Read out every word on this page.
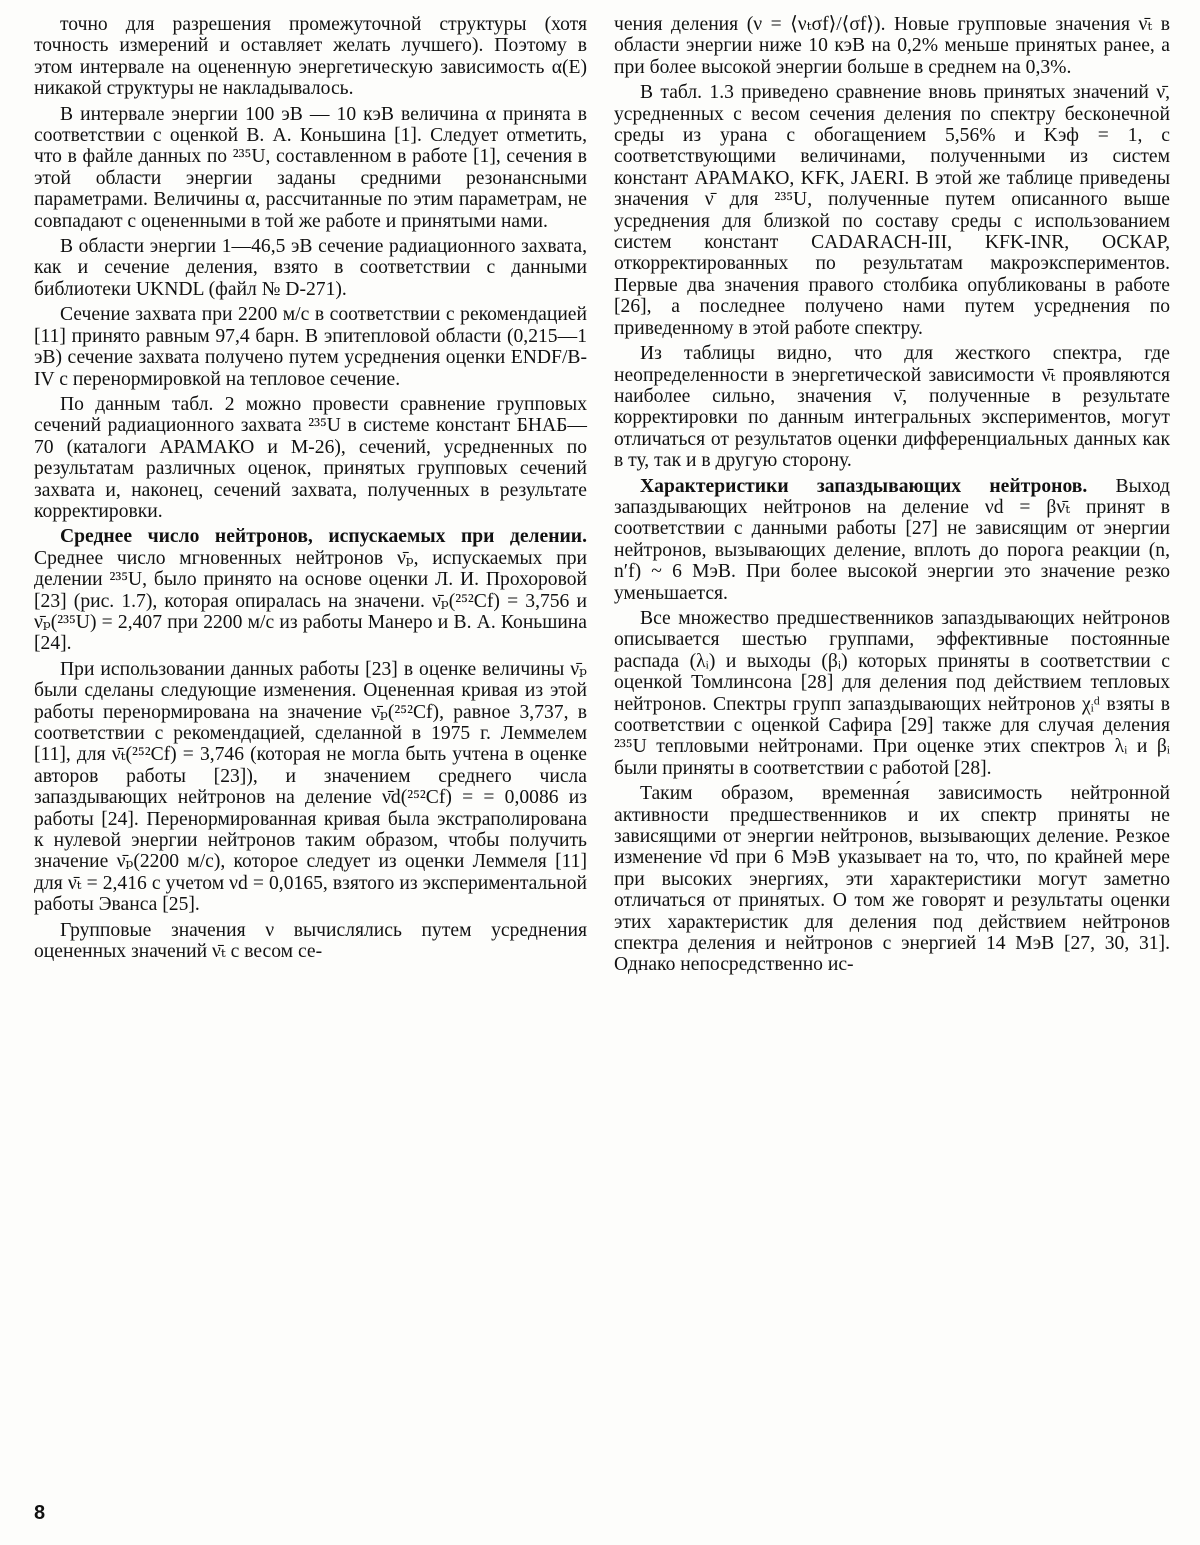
точно для разрешения промежуточной структуры (хотя точность измерений и оставляет желать лучшего). Поэтому в этом интервале на оцененную энергетическую зависимость α(E) никакой структуры не накладывалось.

В интервале энергии 100 эВ — 10 кэВ величина α принята в соответствии с оценкой В. А. Коньшина [1]. Следует отметить, что в файле данных по ²³⁵U, составленном в работе [1], сечения в этой области энергии заданы средними резонансными параметрами. Величины α, рассчитанные по этим параметрам, не совпадают с оцененными в той же работе и принятыми нами.

В области энергии 1—46,5 эВ сечение радиационного захвата, как и сечение деления, взято в соответствии с данными библиотеки UKNDL (файл № D-271).

Сечение захвата при 2200 м/с в соответствии с рекомендацией [11] принято равным 97,4 барн. В эпитепловой области (0,215—1 эВ) сечение захвата получено путем усреднения оценки ENDF/B-IV с перенормировкой на тепловое сечение.

По данным табл. 2 можно провести сравнение групповых сечений радиационного захвата ²³⁵U в системе констант БНАБ—70 (каталоги АРАМАКО и М-26), сечений, усредненных по результатам различных оценок, принятых групповых сечений захвата и, наконец, сечений захвата, полученных в результате корректировки.

Среднее число нейтронов, испускаемых при делении. Среднее число мгновенных нейтронов ν̄ₚ, испускаемых при делении ²³⁵U, было принято на основе оценки Л. И. Прохоровой [23] (рис. 1.7), которая опиралась на значени. ν̄ₚ(²⁵²Cf) = 3,756 и ν̄ₚ(²³⁵U) = 2,407 при 2200 м/с из работы Манеро и В. А. Коньшина [24].

При использовании данных работы [23] в оценке величины ν̄ₚ были сделаны следующие изменения. Оцененная кривая из этой работы перенормирована на значение ν̄ₚ(²⁵²Cf), равное 3,737, в соответствии с рекомендацией, сделанной в 1975 г. Леммелем [11], для ν̄ₜ(²⁵²Cf) = 3,746 (которая не могла быть учтена в оценке авторов работы [23]), и значением среднего числа запаздывающих нейтронов на деление ν̄d(²⁵²Cf) = = 0,0086 из работы [24]. Перенормированная кривая была экстраполирована к нулевой энергии нейтронов таким образом, чтобы получить значение ν̄ₚ(2200 м/с), которое следует из оценки Леммеля [11] для ν̄ₜ = 2,416 с учетом νd = 0,0165, взятого из экспериментальной работы Эванса [25].

Групповые значения ν вычислялись путем усреднения оцененных значений ν̄ₜ с весом се-

чения деления (ν = ⟨νₜσf⟩/⟨σf⟩). Новые групповые значения ν̄ₜ в области энергии ниже 10 кэВ на 0,2% меньше принятых ранее, а при более высокой энергии больше в среднем на 0,3%.

В табл. 1.3 приведено сравнение вновь принятых значений ν̄, усредненных с весом сечения деления по спектру бесконечной среды из урана с обогащением 5,56% и Kэф = 1, с соответствующими величинами, полученными из систем констант АРАМАКО, KFK, JAERI. В этой же таблице приведены значения ν̄ для ²³⁵U, полученные путем описанного выше усреднения для близкой по составу среды с использованием систем констант CADARACH-III, KFK-INR, ОСКАР, откорректированных по результатам макроэкспериментов. Первые два значения правого столбика опубликованы в работе [26], а последнее получено нами путем усреднения по приведенному в этой работе спектру.

Из таблицы видно, что для жесткого спектра, где неопределенности в энергетической зависимости ν̄ₜ проявляются наиболее сильно, значения ν̄, полученные в результате корректировки по данным интегральных экспериментов, могут отличаться от результатов оценки дифференциальных данных как в ту, так и в другую сторону.

Характеристики запаздывающих нейтронов. Выход запаздывающих нейтронов на деление νd = βν̄ₜ принят в соответствии с данными работы [27] не зависящим от энергии нейтронов, вызывающих деление, вплоть до порога реакции (n, n′f) ~ 6 МэВ. При более высокой энергии это значение резко уменьшается.

Все множество предшественников запаздывающих нейтронов описывается шестью группами, эффективные постоянные распада (λᵢ) и выходы (βᵢ) которых приняты в соответствии с оценкой Томлинсона [28] для деления под действием тепловых нейтронов. Спектры групп запаздывающих нейтронов χᵢᵈ взяты в соответствии с оценкой Сафира [29] также для случая деления ²³⁵U тепловыми нейтронами. При оценке этих спектров λᵢ и βᵢ были приняты в соответствии с работой [28].

Таким образом, временна́я зависимость нейтронной активности предшественников и их спектр приняты не зависящими от энергии нейтронов, вызывающих деление. Резкое изменение ν̄d при 6 МэВ указывает на то, что, по крайней мере при высоких энергиях, эти характеристики могут заметно отличаться от принятых. О том же говорят и результаты оценки этих характеристик для деления под действием нейтронов спектра деления и нейтронов с энергией 14 МэВ [27, 30, 31]. Однако непосредственно ис-

8
